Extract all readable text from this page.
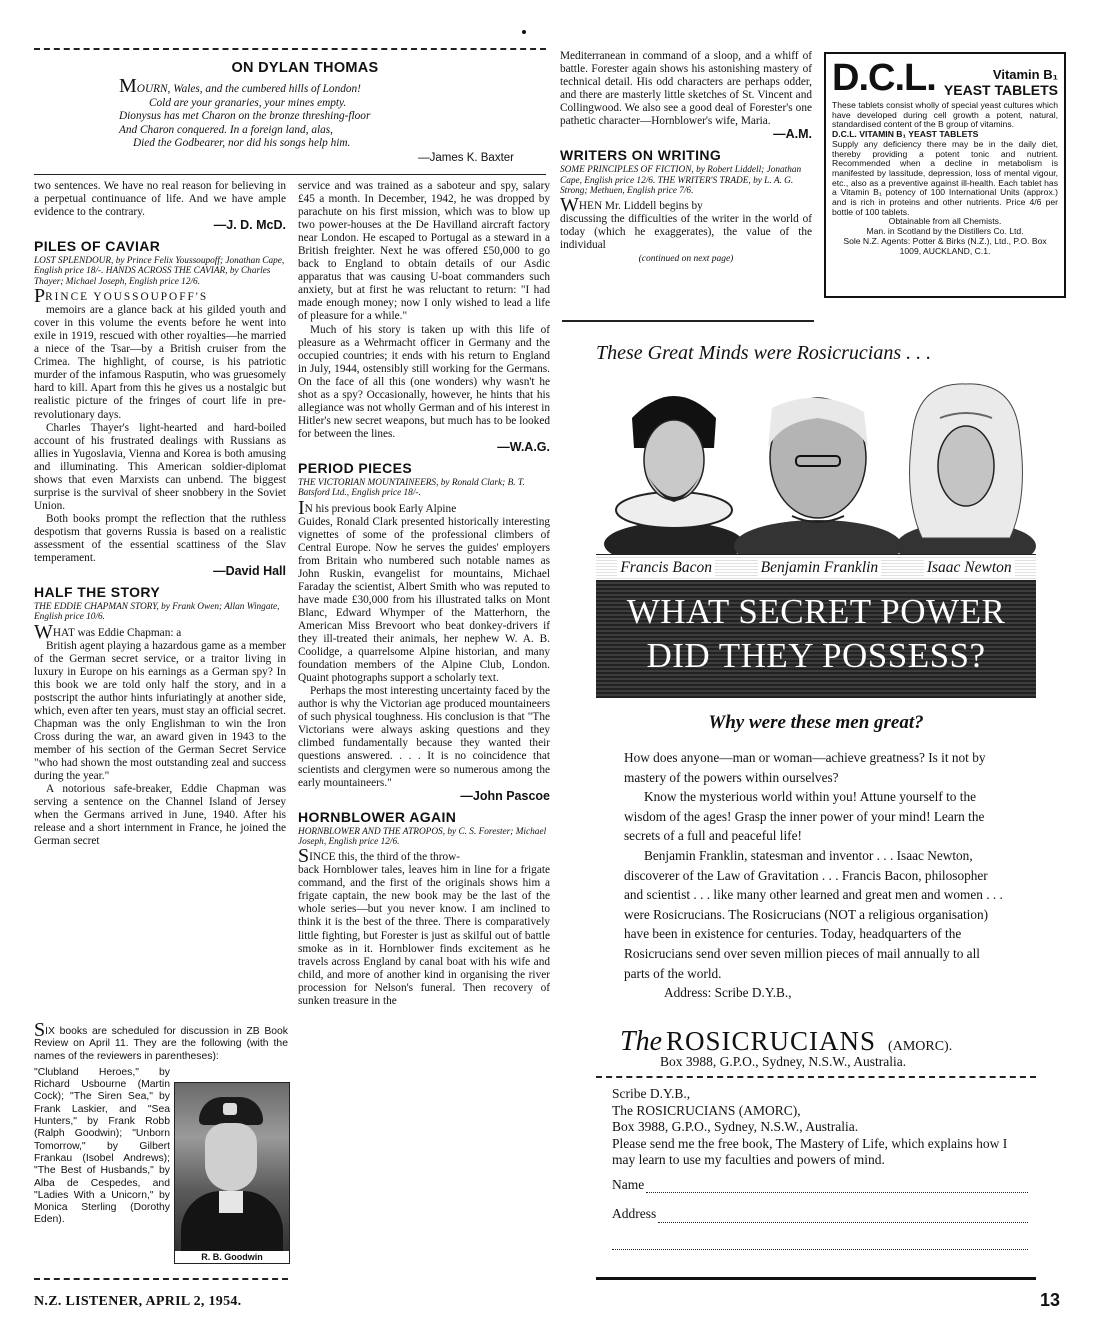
ON DYLAN THOMAS
MOURN, Wales, and the cumbered hills of London!
Cold are your granaries, your mines empty.
Dionysus has met Charon on the bronze threshing-floor
And Charon conquered. In a foreign land, alas,
Died the Godbearer, nor did his songs help him.
—James K. Baxter

two sentences. We have no real reason for believing in a perpetual continuance of life. And we have ample evidence to the contrary.

—J. D. McD.

PILES OF CAVIAR
LOST SPLENDOUR, by Prince Felix Youssoupoff; Jonathan Cape, English price 18/-. HANDS ACROSS THE CAVIAR, by Charles Thayer; Michael Joseph, English price 12/6.

PRINCE YOUSSOUPOFF'S

memoirs are a glance back at his gilded youth and cover in this volume the events before he went into exile in 1919, rescued with other royalties—he married a niece of the Tsar—by a British cruiser from the Crimea. The highlight, of course, is his patriotic murder of the infamous Rasputin, who was gruesomely hard to kill. Apart from this he gives us a nostalgic but realistic picture of the fringes of court life in pre-revolutionary days.

Charles Thayer's light-hearted and hard-boiled account of his frustrated dealings with Russians as allies in Yugoslavia, Vienna and Korea is both amusing and illuminating. This American soldier-diplomat shows that even Marxists can unbend. The biggest surprise is the survival of sheer snobbery in the Soviet Union.

Both books prompt the reflection that the ruthless despotism that governs Russia is based on a realistic assessment of the essential scattiness of the Slav temperament.

—David Hall

HALF THE STORY
THE EDDIE CHAPMAN STORY, by Frank Owen; Allan Wingate, English price 10/6.

WHAT was Eddie Chapman: a

British agent playing a hazardous game as a member of the German secret service, or a traitor living in luxury in Europe on his earnings as a German spy? In this book we are told only half the story, and in a postscript the author hints infuriatingly at another side, which, even after ten years, must stay an official secret. Chapman was the only Englishman to win the Iron Cross during the war, an award given in 1943 to the member of his section of the German Secret Service "who had shown the most outstanding zeal and success during the year."

A notorious safe-breaker, Eddie Chapman was serving a sentence on the Channel Island of Jersey when the Germans arrived in June, 1940. After his release and a short internment in France, he joined the German secret

SIX books are scheduled for discussion in ZB Book Review on April 11. They are the following (with the names of the reviewers in parentheses):
R. B. Goodwin
"Clubland Heroes," by Richard Usbourne (Martin Cock); "The Siren Sea," by Frank Laskier, and "Sea Hunters," by Frank Robb (Ralph Goodwin); "Unborn Tomorrow," by Gilbert Frankau (Isobel Andrews); "The Best of Husbands," by Alba de Cespedes, and "Ladies With a Unicorn," by Monica Sterling (Dorothy Eden).

service and was trained as a saboteur and spy, salary £45 a month. In December, 1942, he was dropped by parachute on his first mission, which was to blow up two power-houses at the De Havilland aircraft factory near London. He escaped to Portugal as a steward in a British freighter. Next he was offered £50,000 to go back to England to obtain details of our Asdic apparatus that was causing U-boat commanders such anxiety, but at first he was reluctant to return: "I had made enough money; now I only wished to lead a life of pleasure for a while."

Much of his story is taken up with this life of pleasure as a Wehrmacht officer in Germany and the occupied countries; it ends with his return to England in July, 1944, ostensibly still working for the Germans. On the face of all this (one wonders) why wasn't he shot as a spy? Occasionally, however, he hints that his allegiance was not wholly German and of his interest in Hitler's new secret weapons, but much has to be looked for between the lines.

—W.A.G.

PERIOD PIECES
THE VICTORIAN MOUNTAINEERS, by Ronald Clark; B. T. Batsford Ltd., English price 18/-.

IN his previous book Early Alpine

Guides, Ronald Clark presented historically interesting vignettes of some of the professional climbers of Central Europe. Now he serves the guides' employers from Britain who numbered such notable names as John Ruskin, evangelist for mountains, Michael Faraday the scientist, Albert Smith who was reputed to have made £30,000 from his illustrated talks on Mont Blanc, Edward Whymper of the Matterhorn, the American Miss Brevoort who beat donkey-drivers if they ill-treated their animals, her nephew W. A. B. Coolidge, a quarrelsome Alpine historian, and many foundation members of the Alpine Club, London. Quaint photographs support a scholarly text.

Perhaps the most interesting uncertainty faced by the author is why the Victorian age produced mountaineers of such physical toughness. His conclusion is that "The Victorians were always asking questions and they climbed fundamentally because they wanted their questions answered. . . . It is no coincidence that scientists and clergymen were so numerous among the early mountaineers."

—John Pascoe

HORNBLOWER AGAIN
HORNBLOWER AND THE ATROPOS, by C. S. Forester; Michael Joseph, English price 12/6.

SINCE this, the third of the throw-

back Hornblower tales, leaves him in line for a frigate command, and the first of the originals shows him a frigate captain, the new book may be the last of the whole series—but you never know. I am inclined to think it is the best of the three. There is comparatively little fighting, but Forester is just as skilful out of battle smoke as in it. Hornblower finds excitement as he travels across England by canal boat with his wife and child, and more of another kind in organising the river procession for Nelson's funeral. Then recovery of sunken treasure in the

Mediterranean in command of a sloop, and a whiff of battle. Forester again shows his astonishing mastery of technical detail. His odd characters are perhaps odder, and there are masterly little sketches of St. Vincent and Collingwood. We also see a good deal of Forester's one pathetic character—Hornblower's wife, Maria.

—A.M.

WRITERS ON WRITING
SOME PRINCIPLES OF FICTION, by Robert Liddell; Jonathan Cape, English price 12/6. THE WRITER'S TRADE, by L. A. G. Strong; Methuen, English price 7/6.

WHEN Mr. Liddell begins by

discussing the difficulties of the writer in the world of today (which he exaggerates), the value of the individual

(continued on next page)
D.C.L.	Vitamin B₁
YEAST TABLETS
These tablets consist wholly of special yeast cultures which have developed during cell growth a potent, natural, standardised content of the B group of vitamins.
D.C.L. VITAMIN B₁ YEAST TABLETS
Supply any deficiency there may be in the daily diet, thereby providing a potent tonic and nutrient. Recommended when a decline in metabolism is manifested by lassitude, depression, loss of mental vigour, etc., also as a preventive against ill-health. Each tablet has a Vitamin B₁ potency of 100 International Units (approx.) and is rich in proteins and other nutrients. Price 4/6 per bottle of 100 tablets.
Obtainable from all Chemists.
Man. in Scotland by the Distillers Co. Ltd.
Sole N.Z. Agents: Potter & Birks (N.Z.), Ltd., P.O. Box 1009, AUCKLAND, C.1.
These Great Minds were Rosicrucians . . .
Francis Bacon	Benjamin Franklin	Isaac Newton
WHAT SECRET POWER
DID THEY POSSESS?
Why were these men great?

How does anyone—man or woman—achieve greatness? Is it not by mastery of the powers within ourselves?

Know the mysterious world within you! Attune yourself to the wisdom of the ages! Grasp the inner power of your mind! Learn the secrets of a full and peaceful life!

Benjamin Franklin, statesman and inventor . . . Isaac Newton, discoverer of the Law of Gravitation . . . Francis Bacon, philosopher and scientist . . . like many other learned and great men and women . . . were Rosicrucians. The Rosicrucians (NOT a religious organisation) have been in existence for centuries. Today, headquarters of the Rosicrucians send over seven million pieces of mail annually to all parts of the world.

Address: Scribe D.Y.B.,

The ROSICRUCIANS (AMORC).
Box 3988, G.P.O., Sydney, N.S.W., Australia.
Scribe D.Y.B.,
The ROSICRUCIANS (AMORC),
Box 3988, G.P.O., Sydney, N.S.W., Australia.
Please send me the free book, The Mastery of Life, which explains how I may learn to use my faculties and powers of mind.
Name
Address
N.Z. LISTENER, APRIL 2, 1954.	13
